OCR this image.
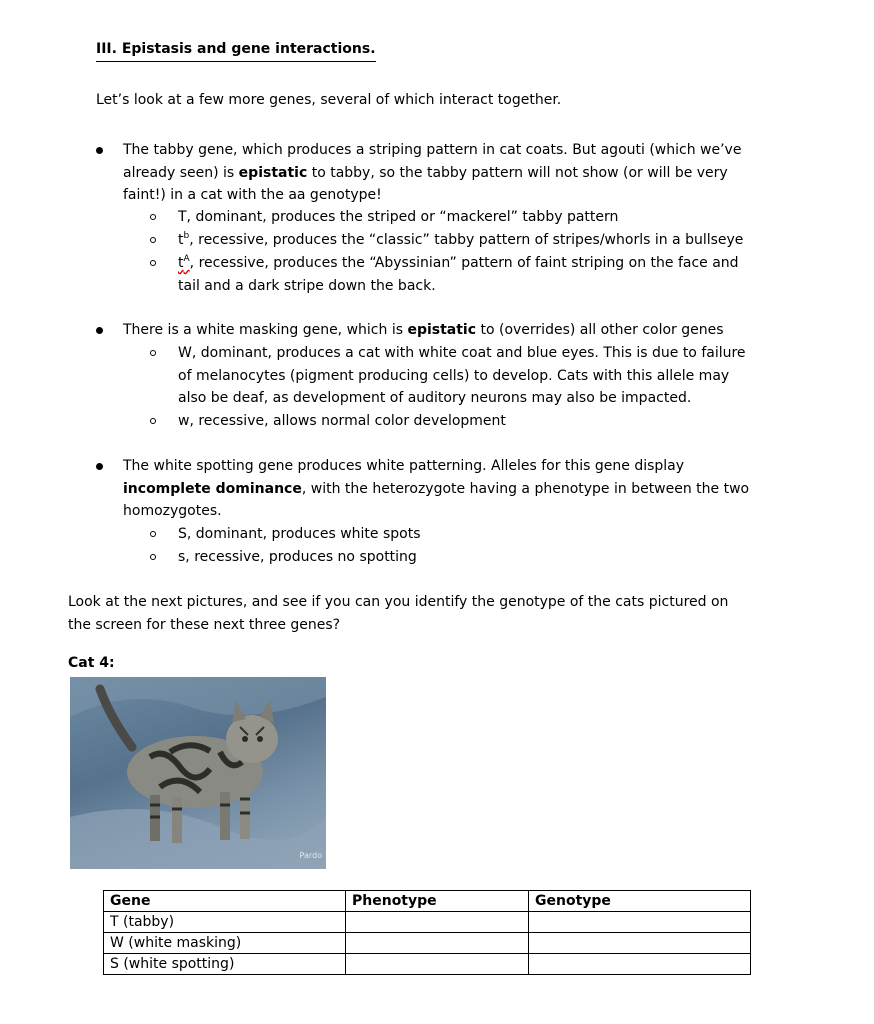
III. Epistasis and gene interactions.
Let’s look at a few more genes, several of which interact together.
The tabby gene, which produces a striping pattern in cat coats. But agouti (which we’ve
already seen) is epistatic to tabby, so the tabby pattern will not show (or will be very
faint!) in a cat with the aa genotype!
T, dominant, produces the striped or “mackerel” tabby pattern
$t^b$, recessive, produces the “classic” tabby pattern of stripes/whorls in a bullseye
$t^A$, recessive, produces the “Abyssinian” pattern of faint striping on the face and
tail and a dark stripe down the back.
There is a white masking gene, which is epistatic to (overrides) all other color genes
W, dominant, produces a cat with white coat and blue eyes. This is due to failure
of melanocytes (pigment producing cells) to develop. Cats with this allele may
also be deaf, as development of auditory neurons may also be impacted.
w, recessive, allows normal color development
The white spotting gene produces white patterning. Alleles for this gene display
incomplete dominance, with the heterozygote having a phenotype in between the two
homozygotes.
S, dominant, produces white spots
s, recessive, produces no spotting
Look at the next pictures, and see if you can you identify the genotype of the cats pictured on
the screen for these next three genes?
Cat 4:
Pardo
Gene	Phenotype	Genotype
T (tabby)		
W (white masking)		
S (white spotting)		
